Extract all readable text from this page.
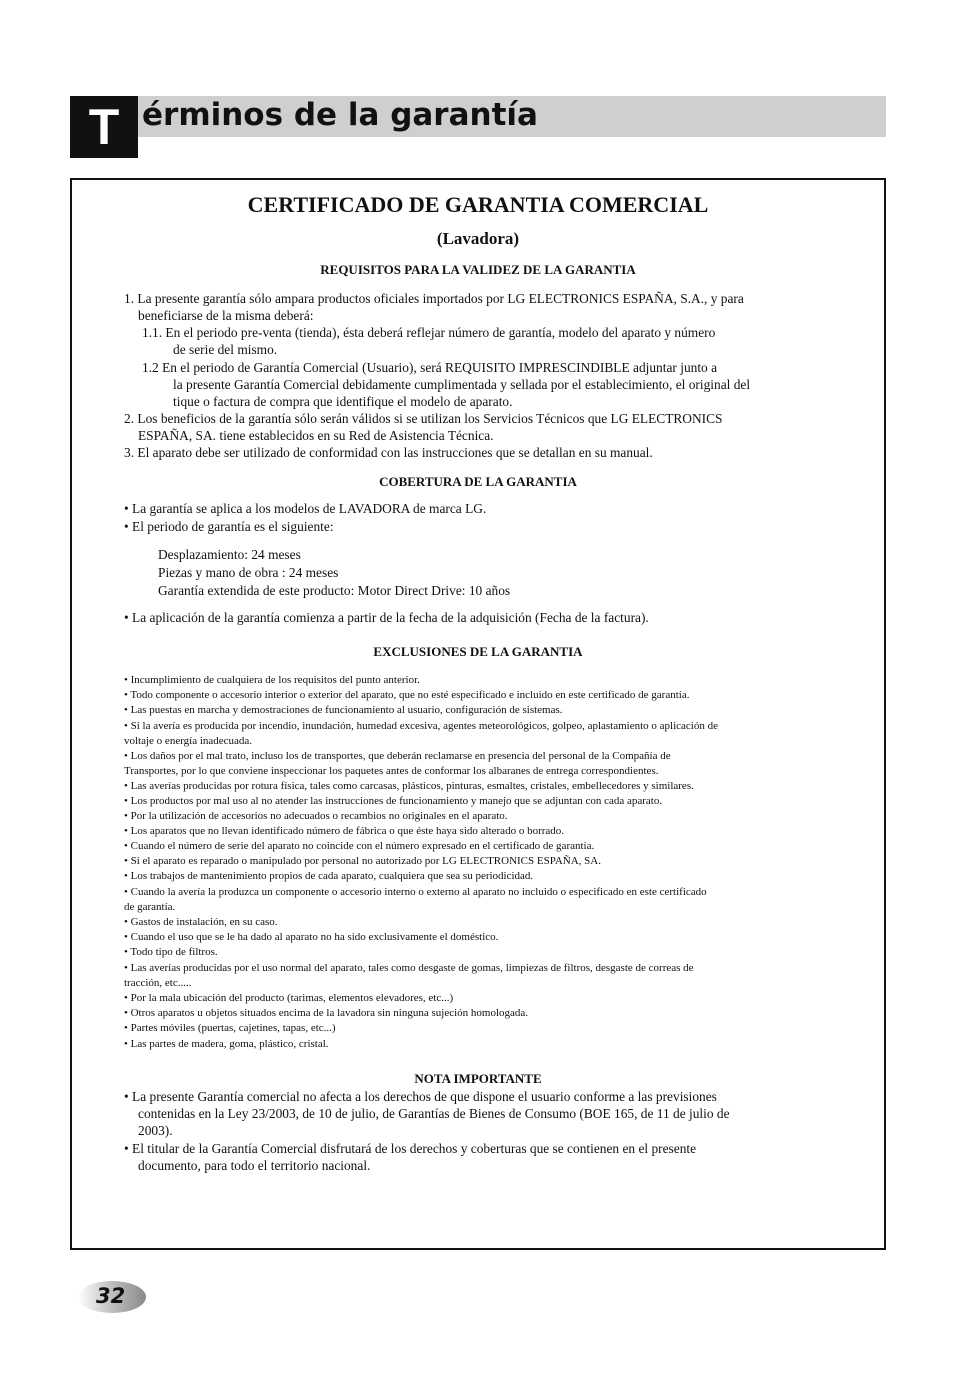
T érminos de la garantía
CERTIFICADO DE GARANTIA COMERCIAL
(Lavadora)
REQUISITOS PARA LA VALIDEZ DE LA GARANTIA
1. La presente garantía sólo ampara productos oficiales importados por LG ELECTRONICS ESPAÑA, S.A., y para
beneficiarse de la misma deberá:
1.1. En el periodo pre-venta (tienda), ésta deberá reflejar número de garantía, modelo del aparato y número
de serie del mismo.
1.2 En el periodo de Garantía Comercial (Usuario), será REQUISITO IMPRESCINDIBLE adjuntar junto a
la presente Garantía Comercial debidamente cumplimentada y sellada por el establecimiento, el original del
tique o factura de compra que identifique el modelo de aparato.
2. Los beneficios de la garantía sólo serán válidos si se utilizan los Servicios Técnicos que LG ELECTRONICS
ESPAÑA, SA. tiene establecidos en su Red de Asistencia Técnica.
3. El aparato debe ser utilizado de conformidad con las instrucciones que se detallan en su manual.
COBERTURA DE LA GARANTIA
• La garantía se aplica a los modelos de LAVADORA de marca LG.
• El periodo de garantía es el siguiente:
Desplazamiento: 24 meses
Piezas y mano de obra : 24 meses
Garantía extendida de este producto: Motor Direct Drive: 10 años
• La aplicación de la garantía comienza a partir de la fecha de la adquisición (Fecha de la factura).
EXCLUSIONES DE LA GARANTIA
• Incumplimiento de cualquiera de los requisitos del punto anterior.
• Todo componente o accesorio interior o exterior del aparato, que no esté especificado e incluido en este certificado de garantía.
• Las puestas en marcha y demostraciones de funcionamiento al usuario, configuración de sistemas.
• Si la avería es producida por incendio, inundación, humedad excesiva, agentes meteorológicos, golpeo, aplastamiento o aplicación de
voltaje o energía inadecuada.
• Los daños por el mal trato, incluso los de transportes, que deberán reclamarse en presencia del personal de la Compañía de
Transportes, por lo que conviene inspeccionar los paquetes antes de conformar los albaranes de entrega correspondientes.
• Las averías producidas por rotura física, tales como carcasas, plásticos, pinturas, esmaltes, cristales, embellecedores y similares.
• Los productos por mal uso al no atender las instrucciones de funcionamiento y manejo que se adjuntan con cada aparato.
• Por la utilización de accesorios no adecuados o recambios no originales en el aparato.
• Los aparatos que no llevan identificado número de fábrica o que éste haya sido alterado o borrado.
• Cuando el número de serie del aparato no coincide con el número expresado en el certificado de garantía.
• Si el aparato es reparado o manipulado por personal no autorizado por LG ELECTRONICS ESPAÑA, SA.
• Los trabajos de mantenimiento propios de cada aparato, cualquiera que sea su periodicidad.
• Cuando la avería la produzca un componente o accesorio interno o externo al aparato no incluido o especificado en este certificado
de garantía.
• Gastos de instalación, en su caso.
• Cuando el uso que se le ha dado al aparato no ha sido exclusivamente el doméstico.
• Todo tipo de filtros.
• Las averías producidas por el uso normal del aparato, tales como desgaste de gomas, limpiezas de filtros, desgaste de correas de
tracción, etc.....
• Por la mala ubicación del producto (tarimas, elementos elevadores, etc...)
• Otros aparatos u objetos situados encima de la lavadora sin ninguna sujeción homologada.
• Partes móviles (puertas, cajetines, tapas, etc...)
• Las partes de madera, goma, plástico, cristal.
NOTA IMPORTANTE
• La presente Garantía comercial no afecta a los derechos de que dispone el usuario conforme a las previsiones
contenidas en la Ley 23/2003, de 10 de julio, de Garantías de Bienes de Consumo (BOE 165, de 11 de julio de
2003).
• El titular de la Garantía Comercial disfrutará de los derechos y coberturas que se contienen en el presente
documento, para todo el territorio nacional.
32
